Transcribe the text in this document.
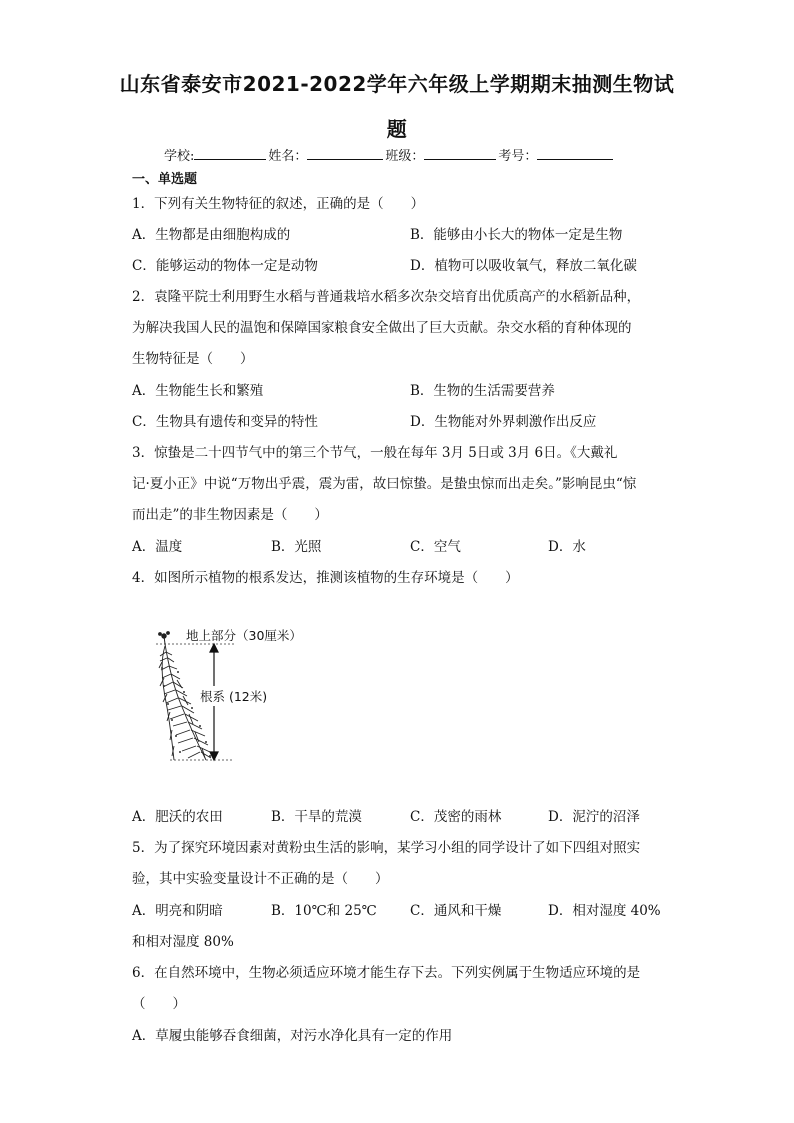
山东省泰安市2021-2022学年六年级上学期期末抽测生物试
题
学校:	姓名：	班级：	考号：
一、单选题
1．下列有关生物特征的叙述，正确的是（　　）
A．生物都是由细胞构成的	B．能够由小长大的物体一定是生物
C．能够运动的物体一定是动物	D．植物可以吸收氧气，释放二氧化碳
2．袁隆平院士利用野生水稻与普通栽培水稻多次杂交培育出优质高产的水稻新品种，
为解决我国人民的温饱和保障国家粮食安全做出了巨大贡献。杂交水稻的育种体现的
生物特征是（　　）
A．生物能生长和繁殖	B．生物的生活需要营养
C．生物具有遗传和变异的特性	D．生物能对外界刺激作出反应
3．惊蛰是二十四节气中的第三个节气，一般在每年 3月 5日或 3月 6日。《大戴礼
记·夏小正》中说“万物出乎震，震为雷，故曰惊蛰。是蛰虫惊而出走矣。”影响昆虫“惊
而出走”的非生物因素是（　　）
A．温度	B．光照	C．空气	D．水
4．如图所示植物的根系发达，推测该植物的生存环境是（　　）
地上部分（30厘米）
根系 (12米)
A．肥沃的农田	B．干旱的荒漠	C．茂密的雨林	D．泥泞的沼泽
5．为了探究环境因素对黄粉虫生活的影响，某学习小组的同学设计了如下四组对照实
验，其中实验变量设计不正确的是（　　）
A．明亮和阴暗	B．10℃和 25℃ C．通风和干燥	D．相对湿度 40%
和相对湿度 80%
6．在自然环境中，生物必须适应环境才能生存下去。下列实例属于生物适应环境的是
（　　）
A．草履虫能够吞食细菌，对污水净化具有一定的作用
